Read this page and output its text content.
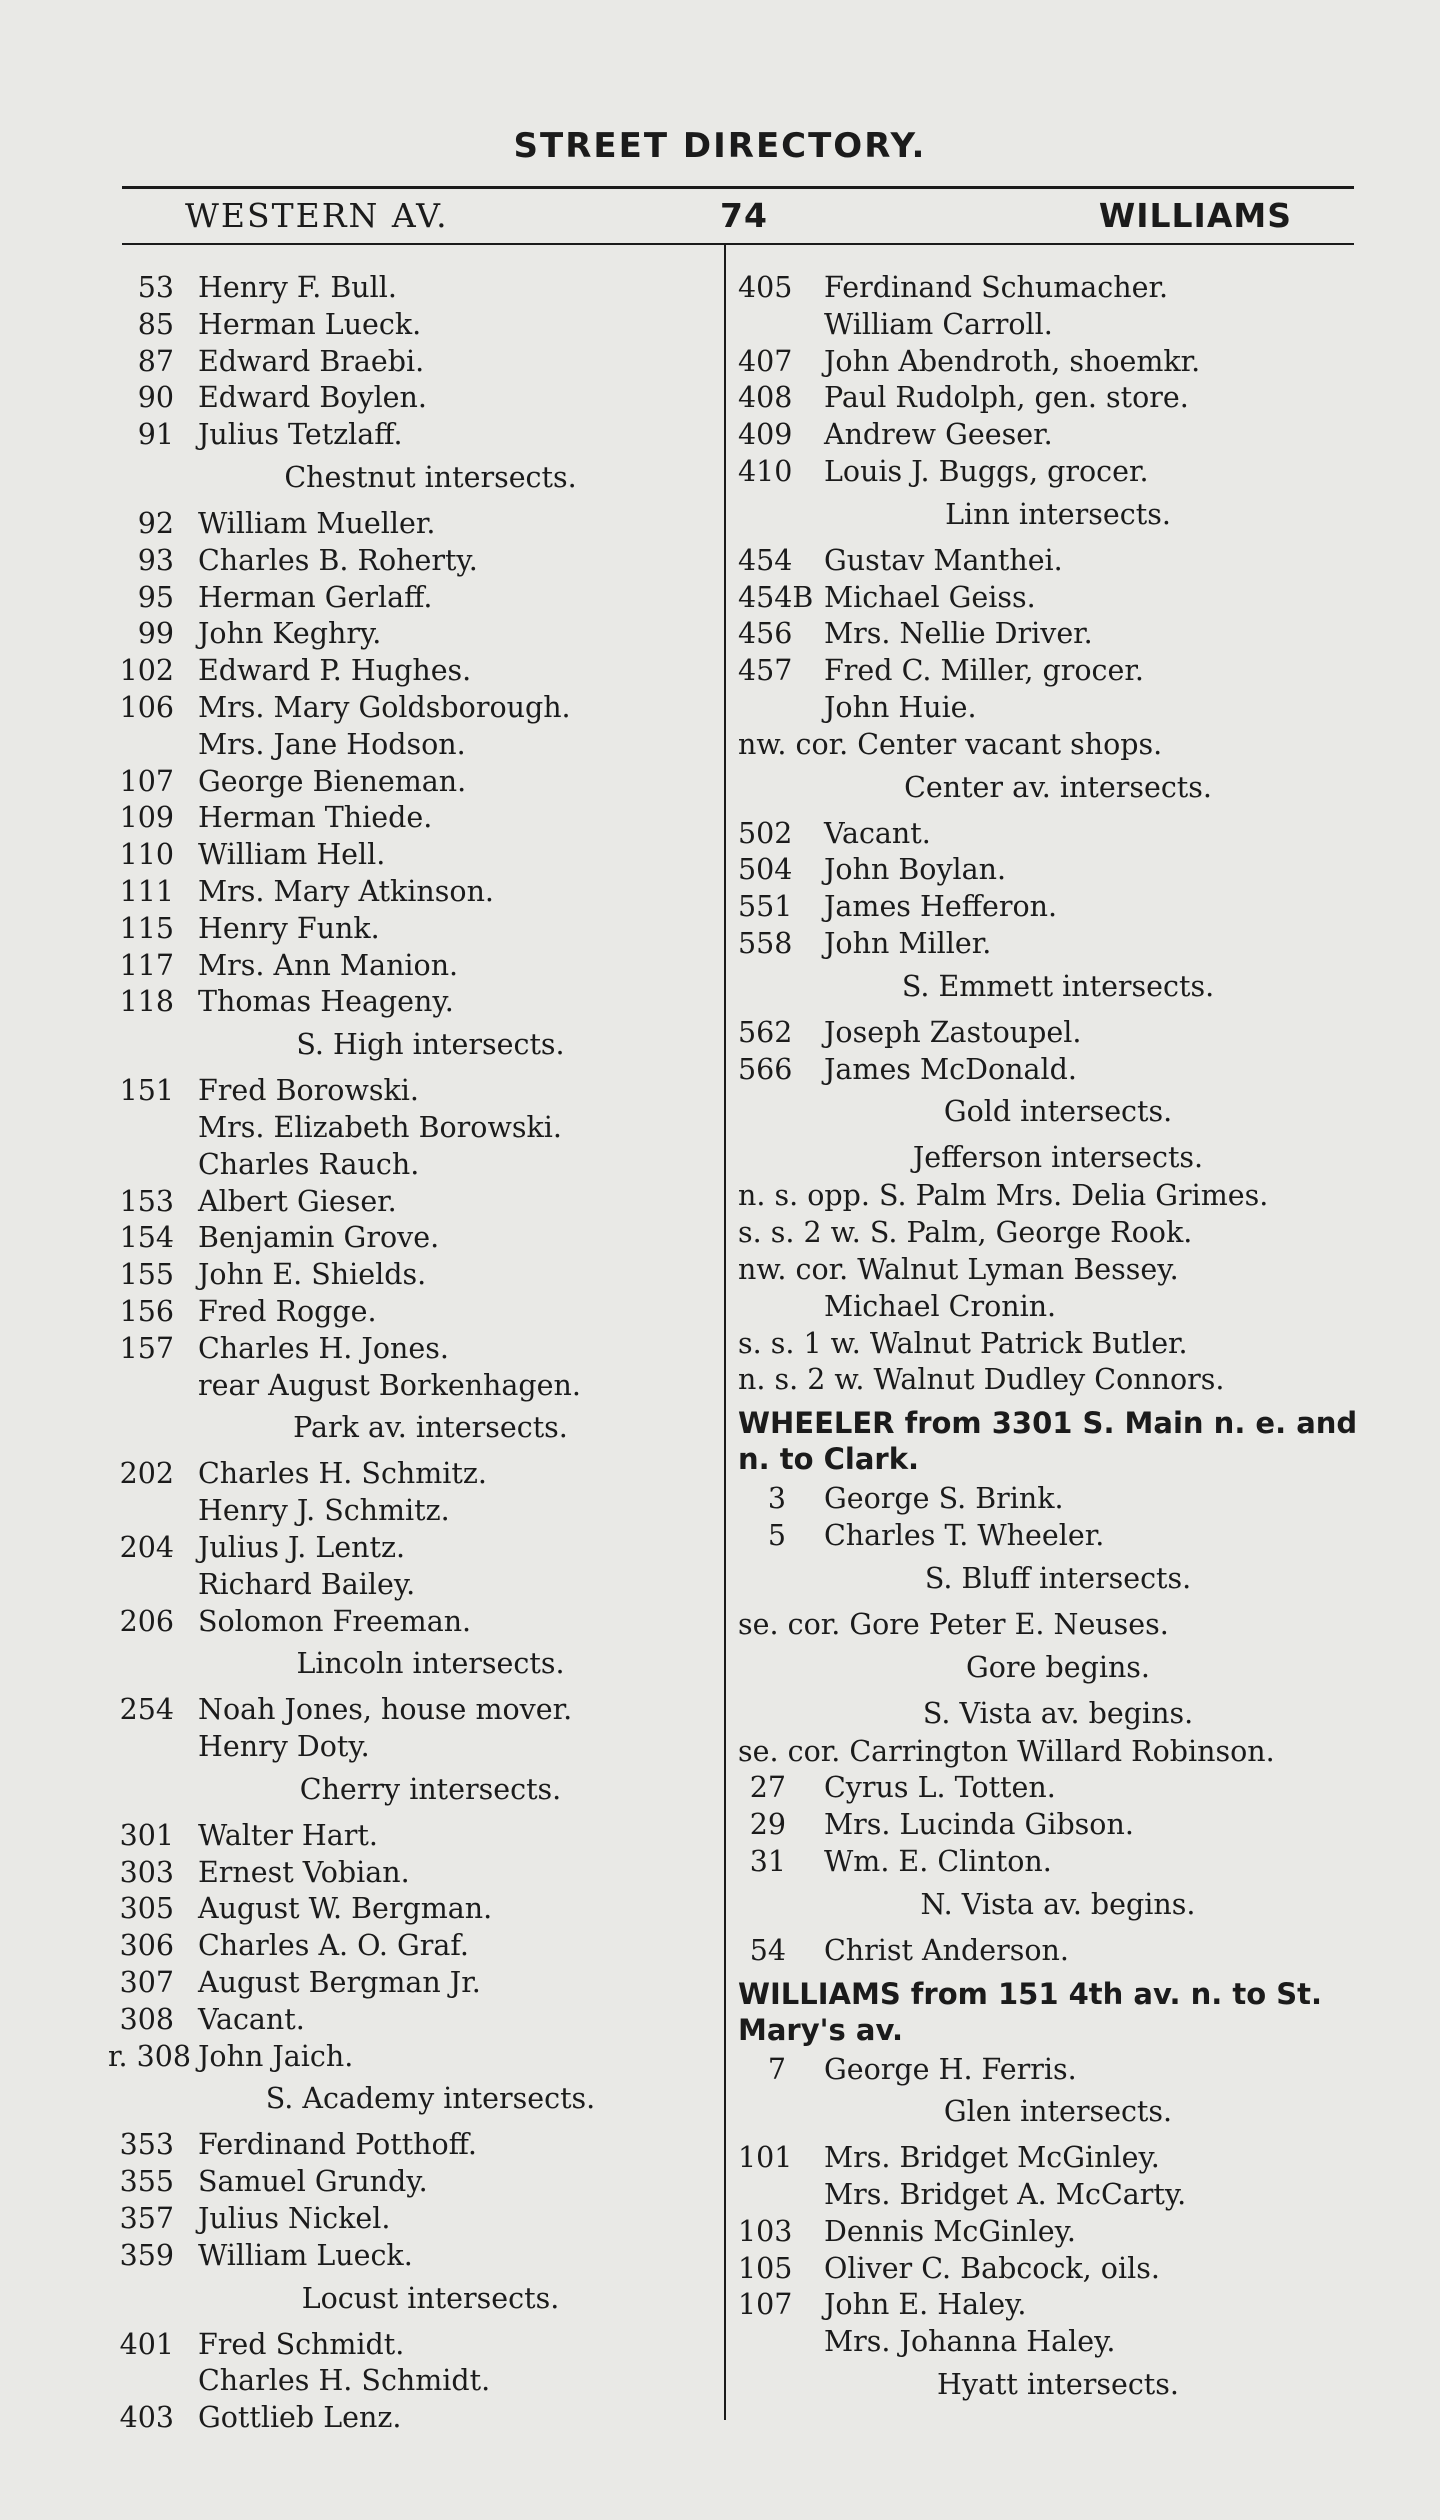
STREET DIRECTORY.
WESTERN AV.	74	WILLIAMS
53 Henry F. Bull.
85 Herman Lueck.
87 Edward Braebi.
90 Edward Boylen.
91 Julius Tetzlaff.
Chestnut intersects.
92 William Mueller.
93 Charles B. Roherty.
95 Herman Gerlaff.
99 John Keghry.
102 Edward P. Hughes.
106 Mrs. Mary Goldsborough.
Mrs. Jane Hodson.
107 George Bieneman.
109 Herman Thiede.
110 William Hell.
111 Mrs. Mary Atkinson.
115 Henry Funk.
117 Mrs. Ann Manion.
118 Thomas Heageny.
S. High intersects.
151 Fred Borowski.
Mrs. Elizabeth Borowski.
Charles Rauch.
153 Albert Gieser.
154 Benjamin Grove.
155 John E. Shields.
156 Fred Rogge.
157 Charles H. Jones.
rear August Borkenhagen.
Park av. intersects.
202 Charles H. Schmitz.
Henry J. Schmitz.
204 Julius J. Lentz.
Richard Bailey.
206 Solomon Freeman.
Lincoln intersects.
254 Noah Jones, house mover.
Henry Doty.
Cherry intersects.
301 Walter Hart.
303 Ernest Vobian.
305 August W. Bergman.
306 Charles A. O. Graf.
307 August Bergman Jr.
308 Vacant.
r. 308 John Jaich.
S. Academy intersects.
353 Ferdinand Potthoff.
355 Samuel Grundy.
357 Julius Nickel.
359 William Lueck.
Locust intersects.
401 Fred Schmidt.
Charles H. Schmidt.
403 Gottlieb Lenz.
405 Ferdinand Schumacher.
William Carroll.
407 John Abendroth, shoemkr.
408 Paul Rudolph, gen. store.
409 Andrew Geeser.
410 Louis J. Buggs, grocer.
Linn intersects.
454 Gustav Manthei.
454B Michael Geiss.
456 Mrs. Nellie Driver.
457 Fred C. Miller, grocer.
John Huie.
nw. cor. Center vacant shops.
Center av. intersects.
502 Vacant.
504 John Boylan.
551 James Hefferon.
558 John Miller.
S. Emmett intersects.
562 Joseph Zastoupel.
566 James McDonald.
Gold intersects.
Jefferson intersects.
n. s. opp. S. Palm Mrs. Delia Grimes.
s. s. 2 w. S. Palm, George Rook.
nw. cor. Walnut Lyman Bessey.
Michael Cronin.
s. s. 1 w. Walnut Patrick Butler.
n. s. 2 w. Walnut Dudley Connors.
WHEELER from 3301 S. Main n. e. and n. to Clark.
3 George S. Brink.
5 Charles T. Wheeler.
S. Bluff intersects.
se. cor. Gore Peter E. Neuses.
Gore begins.
S. Vista av. begins.
se. cor. Carrington Willard Robinson.
27 Cyrus L. Totten.
29 Mrs. Lucinda Gibson.
31 Wm. E. Clinton.
N. Vista av. begins.
54 Christ Anderson.
WILLIAMS from 151 4th av. n. to St. Mary's av.
7 George H. Ferris.
Glen intersects.
101 Mrs. Bridget McGinley.
Mrs. Bridget A. McCarty.
103 Dennis McGinley.
105 Oliver C. Babcock, oils.
107 John E. Haley.
Mrs. Johanna Haley.
Hyatt intersects.
